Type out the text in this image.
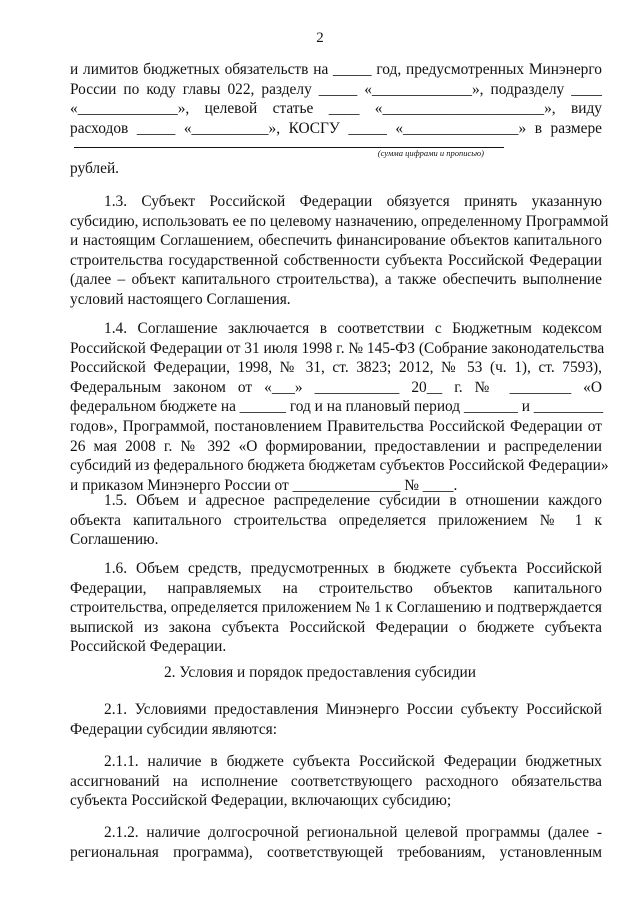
2
и лимитов бюджетных обязательств на _____ год, предусмотренных Минэнерго
России по коду главы 022, разделу _____ «_____________», подразделу ____
«_____________», целевой статье ____ «_____________________», виду
расходов _____ «__________», КОСГУ _____ «_______________» в размере
(сумма цифрами и прописью)
рублей.
1.3. Субъект Российской Федерации обязуется принять указанную
субсидию, использовать ее по целевому назначению, определенному Программой
и настоящим Соглашением, обеспечить финансирование объектов капитального
строительства государственной собственности субъекта Российской Федерации
(далее – объект капитального строительства), а также обеспечить выполнение
условий настоящего Соглашения.
1.4. Соглашение заключается в соответствии с Бюджетным кодексом
Российской Федерации от 31 июля 1998 г. № 145-ФЗ (Собрание законодательства
Российской Федерации, 1998, № 31, ст. 3823; 2012, № 53 (ч. 1), ст. 7593),
Федеральным законом от «___» ___________ 20__ г. № ________ «О
федеральном бюджете на ______ год и на плановый период _______ и _________
годов», Программой, постановлением Правительства Российской Федерации от
26 мая 2008 г. № 392 «О формировании, предоставлении и распределении
субсидий из федерального бюджета бюджетам субъектов Российской Федерации»
и приказом Минэнерго России от ______________ № ____.
1.5. Объем и адресное распределение субсидии в отношении каждого
объекта капитального строительства определяется приложением № 1 к
Соглашению.
1.6. Объем средств, предусмотренных в бюджете субъекта Российской
Федерации, направляемых на строительство объектов капитального
строительства, определяется приложением № 1 к Соглашению и подтверждается
выпиской из закона субъекта Российской Федерации о бюджете субъекта
Российской Федерации.
2. Условия и порядок предоставления субсидии
2.1. Условиями предоставления Минэнерго России субъекту Российской
Федерации субсидии являются:
2.1.1. наличие в бюджете субъекта Российской Федерации бюджетных
ассигнований на исполнение соответствующего расходного обязательства
субъекта Российской Федерации, включающих субсидию;
2.1.2. наличие долгосрочной региональной целевой программы (далее -
региональная программа), соответствующей требованиям, установленным
